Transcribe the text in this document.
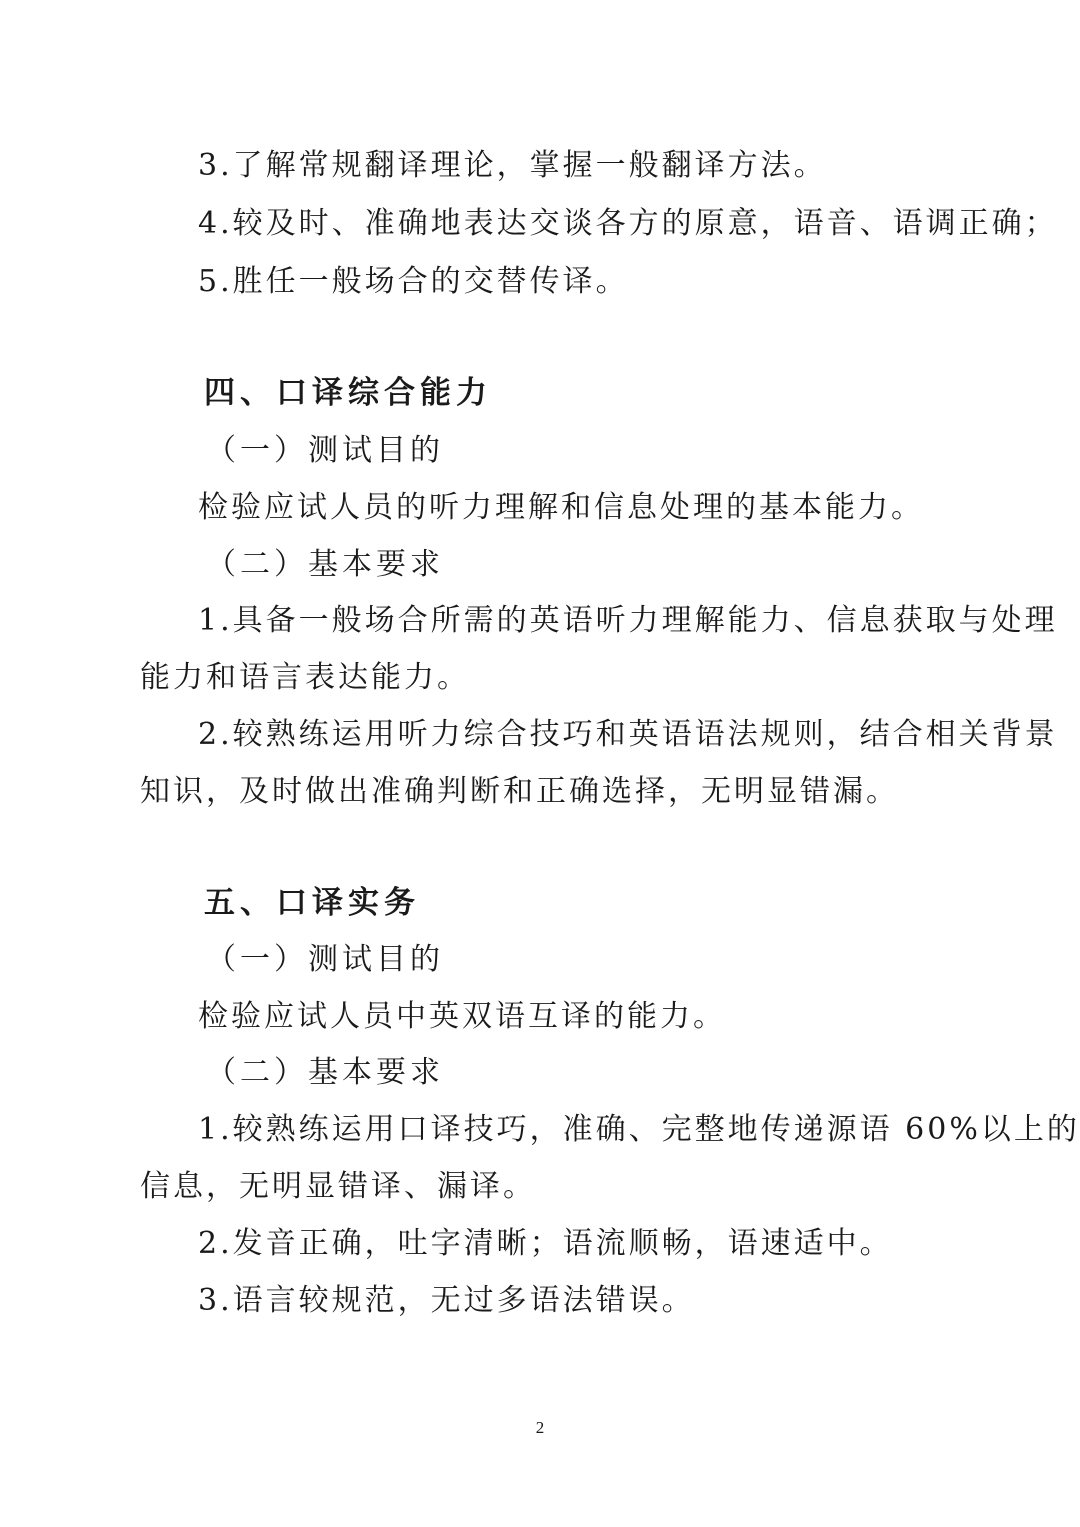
3.了解常规翻译理论，掌握一般翻译方法。
4.较及时、准确地表达交谈各方的原意，语音、语调正确；
5.胜任一般场合的交替传译。
四、口译综合能力
（一）测试目的
检验应试人员的听力理解和信息处理的基本能力。
（二）基本要求
1.具备一般场合所需的英语听力理解能力、信息获取与处理
能力和语言表达能力。
2.较熟练运用听力综合技巧和英语语法规则，结合相关背景
知识，及时做出准确判断和正确选择，无明显错漏。
五、口译实务
（一）测试目的
检验应试人员中英双语互译的能力。
（二）基本要求
1.较熟练运用口译技巧，准确、完整地传递源语 60%以上的
信息，无明显错译、漏译。
2.发音正确，吐字清晰；语流顺畅，语速适中。
3.语言较规范，无过多语法错误。
2
